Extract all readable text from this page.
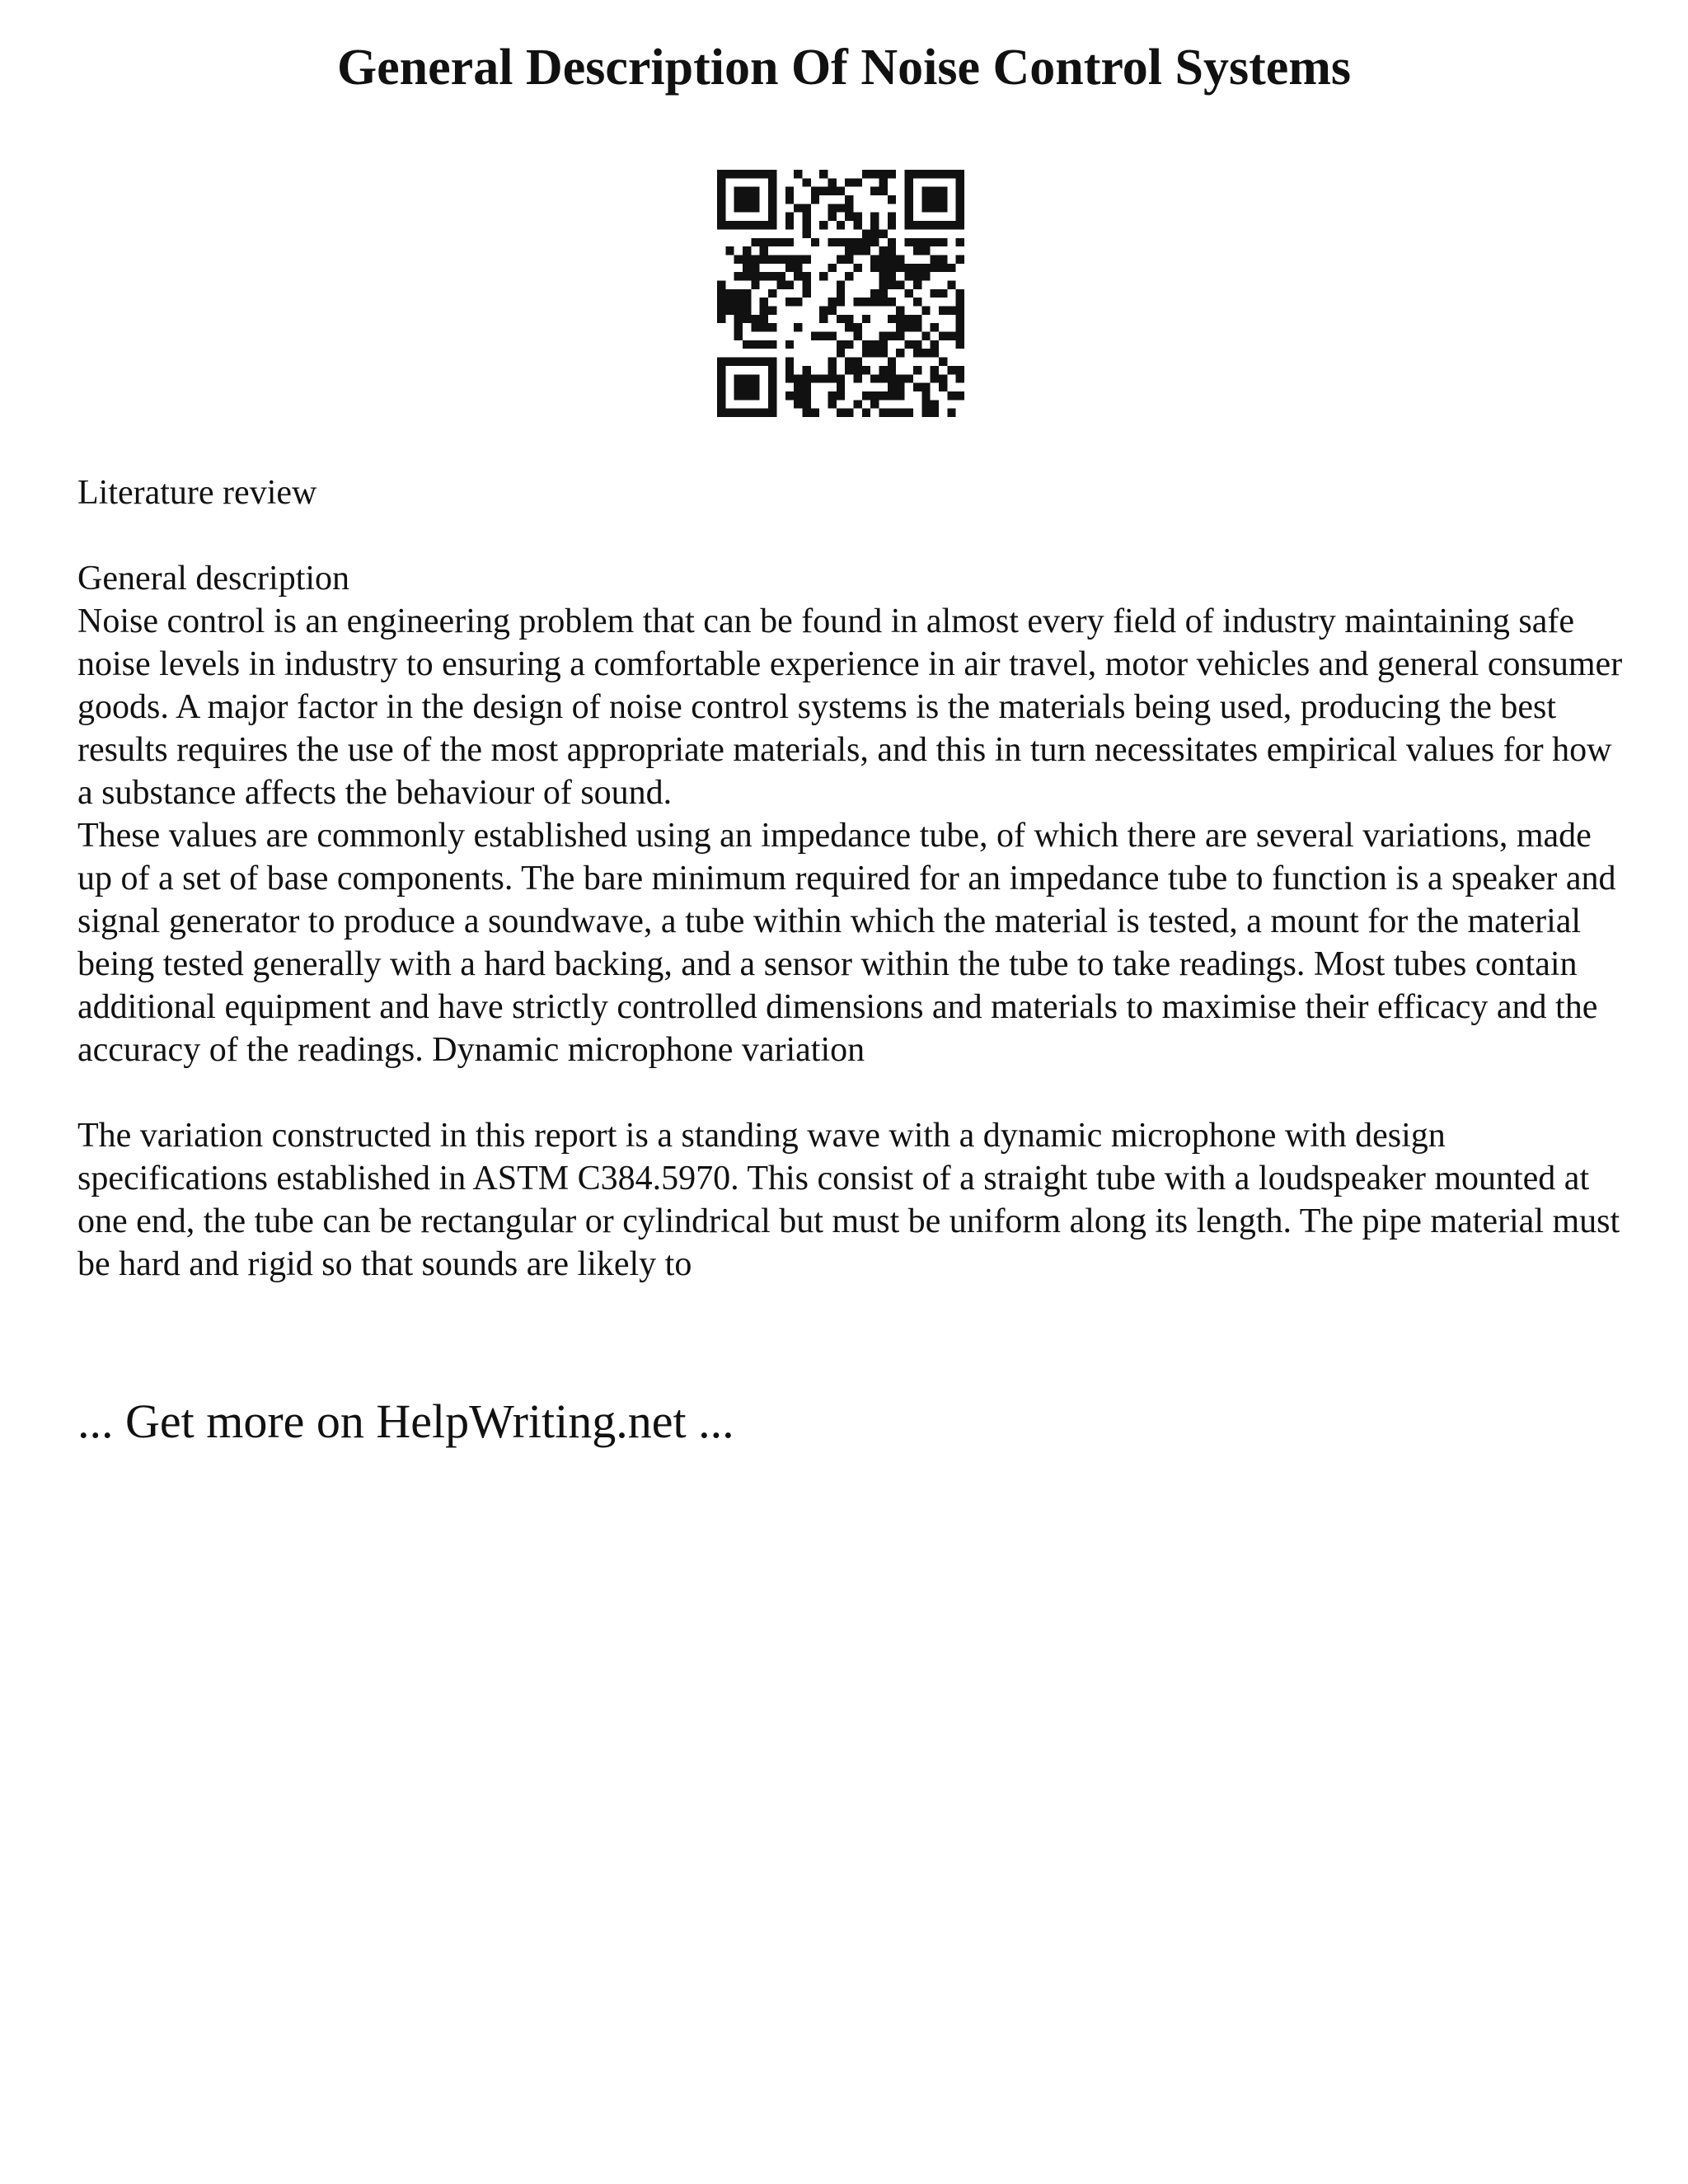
General Description Of Noise Control Systems

Literature review

General description

Noise control is an engineering problem that can be found in almost every field of industry maintaining safe noise levels in industry to ensuring a comfortable experience in air travel, motor vehicles and general consumer goods. A major factor in the design of noise control systems is the materials being used, producing the best results requires the use of the most appropriate materials, and this in turn necessitates empirical values for how a substance affects the behaviour of sound.

These values are commonly established using an impedance tube, of which there are several variations, made up of a set of base components. The bare minimum required for an impedance tube to function is a speaker and signal generator to produce a soundwave, a tube within which the material is tested, a mount for the material being tested generally with a hard backing, and a sensor within the tube to take readings. Most tubes contain additional equipment and have strictly controlled dimensions and materials to maximise their efficacy and the accuracy of the readings. Dynamic microphone variation

The variation constructed in this report is a standing wave with a dynamic microphone with design specifications established in ASTM C384.5970. This consist of a straight tube with a loudspeaker mounted at one end, the tube can be rectangular or cylindrical but must be uniform along its length. The pipe material must be hard and rigid so that sounds are likely to

... Get more on HelpWriting.net ...
